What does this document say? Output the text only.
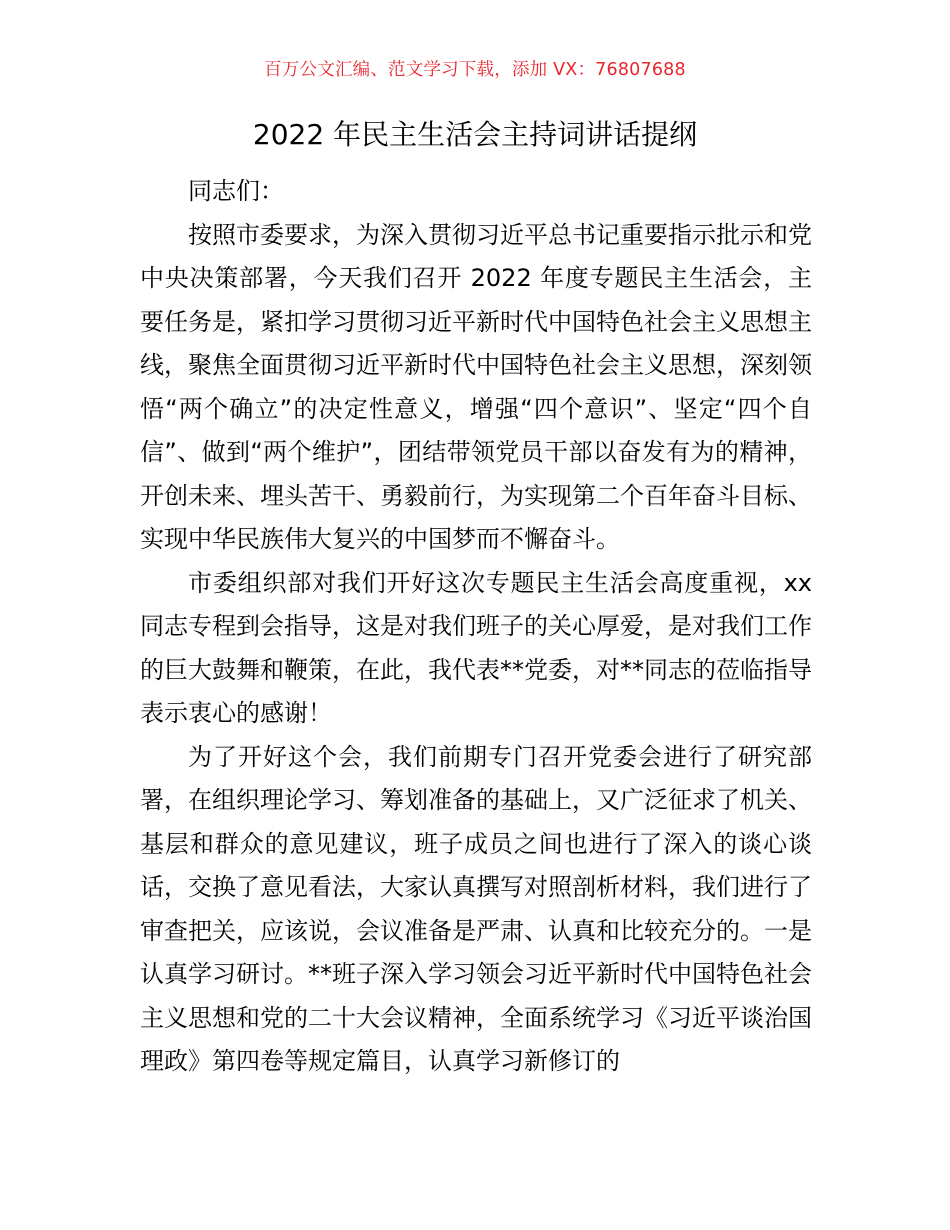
百万公文汇编、范文学习下载，添加 VX：76807688
2022 年民主生活会主持词讲话提纲

同志们：

按照市委要求，为深入贯彻习近平总书记重要指示批示和党中央决策部署，今天我们召开 2022 年度专题民主生活会，主要任务是，紧扣学习贯彻习近平新时代中国特色社会主义思想主线，聚焦全面贯彻习近平新时代中国特色社会主义思想，深刻领悟“两个确立”的决定性意义，增强“四个意识”、坚定“四个自信”、做到“两个维护”，团结带领党员干部以奋发有为的精神，开创未来、埋头苦干、勇毅前行，为实现第二个百年奋斗目标、实现中华民族伟大复兴的中国梦而不懈奋斗。

市委组织部对我们开好这次专题民主生活会高度重视，xx 同志专程到会指导，这是对我们班子的关心厚爱，是对我们工作的巨大鼓舞和鞭策，在此，我代表**党委，对**同志的莅临指导表示衷心的感谢！

为了开好这个会，我们前期专门召开党委会进行了研究部署，在组织理论学习、筹划准备的基础上，又广泛征求了机关、基层和群众的意见建议，班子成员之间也进行了深入的谈心谈话，交换了意见看法，大家认真撰写对照剖析材料，我们进行了审查把关，应该说，会议准备是严肃、认真和比较充分的。一是认真学习研讨。**班子深入学习领会习近平新时代中国特色社会主义思想和党的二十大会议精神，全面系统学习《习近平谈治国理政》第四卷等规定篇目，认真学习新修订的
